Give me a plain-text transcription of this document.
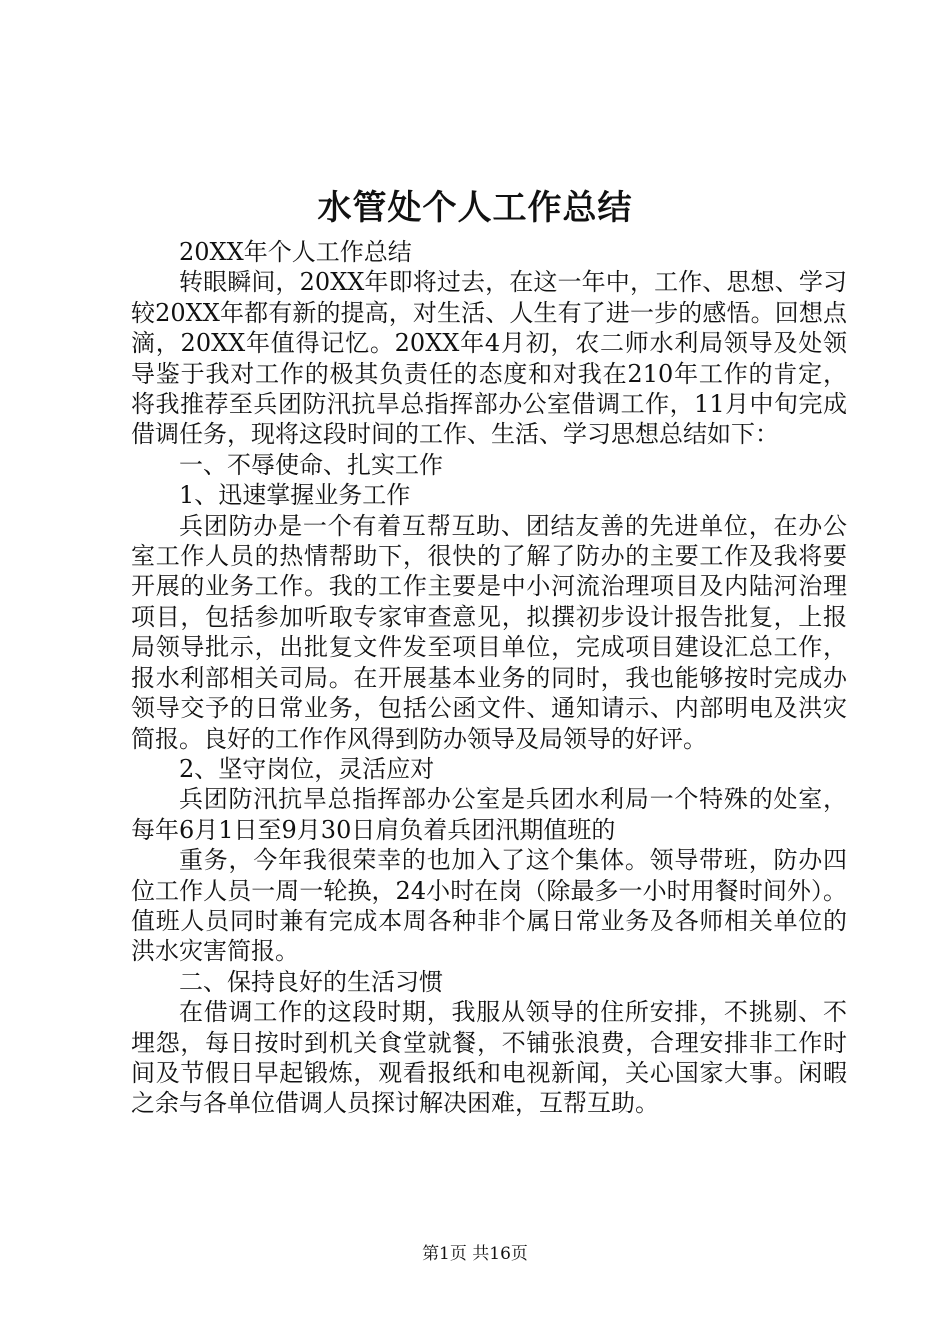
水管处个人工作总结

20XX年个人工作总结

转眼瞬间，20XX年即将过去，在这一年中，工作、思想、学习较20XX年都有新的提高，对生活、人生有了进一步的感悟。回想点滴，20XX年值得记忆。20XX年4月初，农二师水利局领导及处领导鉴于我对工作的极其负责任的态度和对我在210年工作的肯定，将我推荐至兵团防汛抗旱总指挥部办公室借调工作，11月中旬完成借调任务，现将这段时间的工作、生活、学习思想总结如下：

一、不辱使命、扎实工作

1、迅速掌握业务工作

兵团防办是一个有着互帮互助、团结友善的先进单位，在办公室工作人员的热情帮助下，很快的了解了防办的主要工作及我将要开展的业务工作。我的工作主要是中小河流治理项目及内陆河治理项目，包括参加听取专家审查意见，拟撰初步设计报告批复，上报局领导批示，出批复文件发至项目单位，完成项目建设汇总工作，报水利部相关司局。在开展基本业务的同时，我也能够按时完成办领导交予的日常业务，包括公函文件、通知请示、内部明电及洪灾简报。良好的工作作风得到防办领导及局领导的好评。

2、坚守岗位，灵活应对

兵团防汛抗旱总指挥部办公室是兵团水利局一个特殊的处室，每年6月1日至9月30日肩负着兵团汛期值班的

重务，今年我很荣幸的也加入了这个集体。领导带班，防办四位工作人员一周一轮换，24小时在岗（除最多一小时用餐时间外）。值班人员同时兼有完成本周各种非个属日常业务及各师相关单位的洪水灾害简报。

二、保持良好的生活习惯

在借调工作的这段时期，我服从领导的住所安排，不挑剔、不埋怨，每日按时到机关食堂就餐，不铺张浪费，合理安排非工作时间及节假日早起锻炼，观看报纸和电视新闻，关心国家大事。闲暇之余与各单位借调人员探讨解决困难，互帮互助。

第1页 共16页
